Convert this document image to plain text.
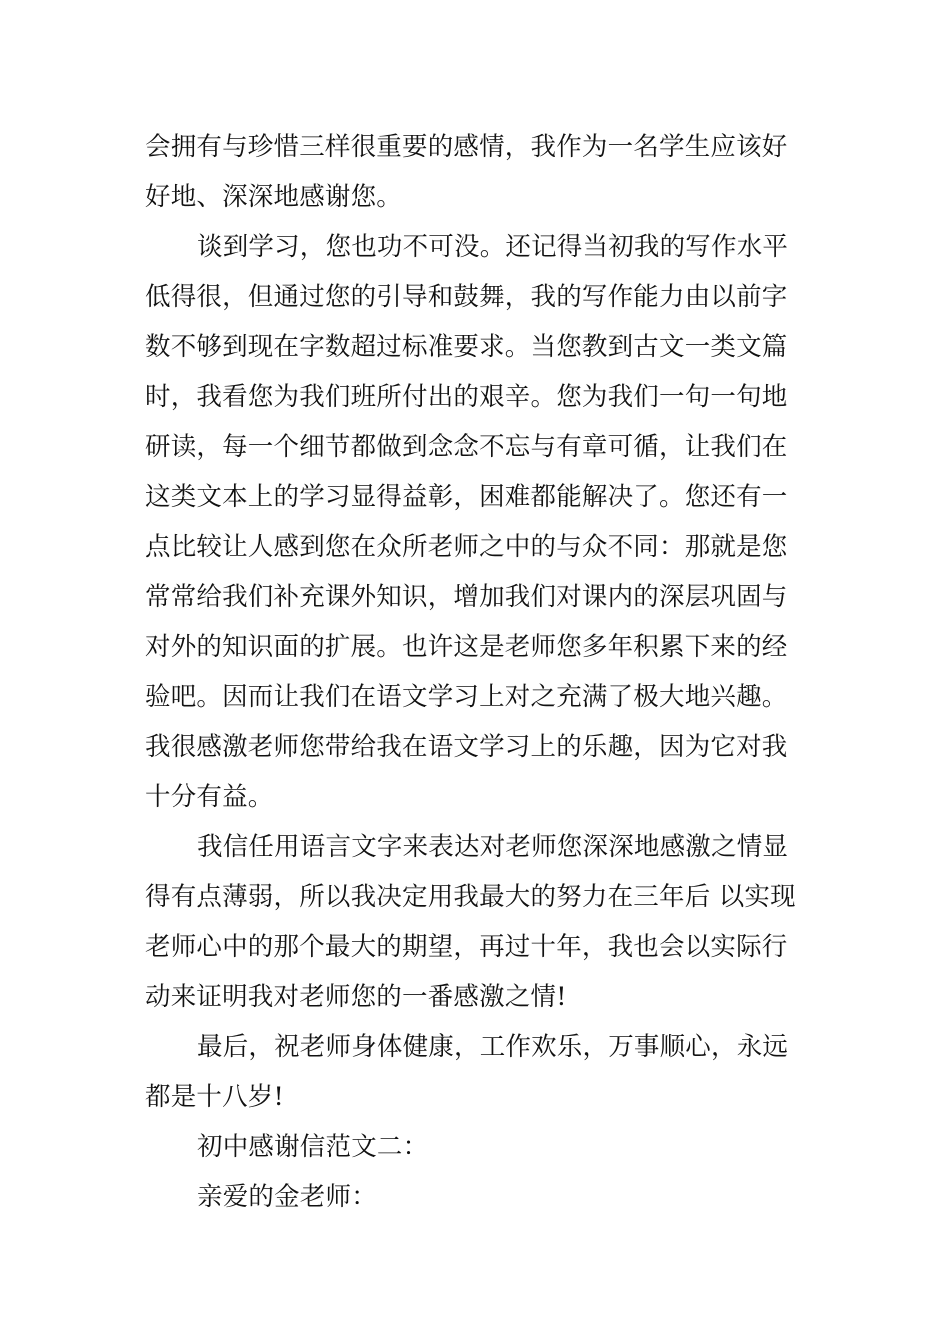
会拥有与珍惜三样很重要的感情，我作为一名学生应该好
好地、深深地感谢您。
谈到学习，您也功不可没。还记得当初我的写作水平
低得很，但通过您的引导和鼓舞，我的写作能力由以前字
数不够到现在字数超过标准要求。当您教到古文一类文篇
时，我看您为我们班所付出的艰辛。您为我们一句一句地
研读，每一个细节都做到念念不忘与有章可循，让我们在
这类文本上的学习显得益彰，困难都能解决了。您还有一
点比较让人感到您在众所老师之中的与众不同：那就是您
常常给我们补充课外知识，增加我们对课内的深层巩固与
对外的知识面的扩展。也许这是老师您多年积累下来的经
验吧。因而让我们在语文学习上对之充满了极大地兴趣。
我很感激老师您带给我在语文学习上的乐趣，因为它对我
十分有益。
我信任用语言文字来表达对老师您深深地感激之情显
得有点薄弱，所以我决定用我最大的努力在三年后 以实现
老师心中的那个最大的期望，再过十年，我也会以实际行
动来证明我对老师您的一番感激之情!
最后，祝老师身体健康，工作欢乐，万事顺心，永远
都是十八岁!
初中感谢信范文二：
亲爱的金老师：
